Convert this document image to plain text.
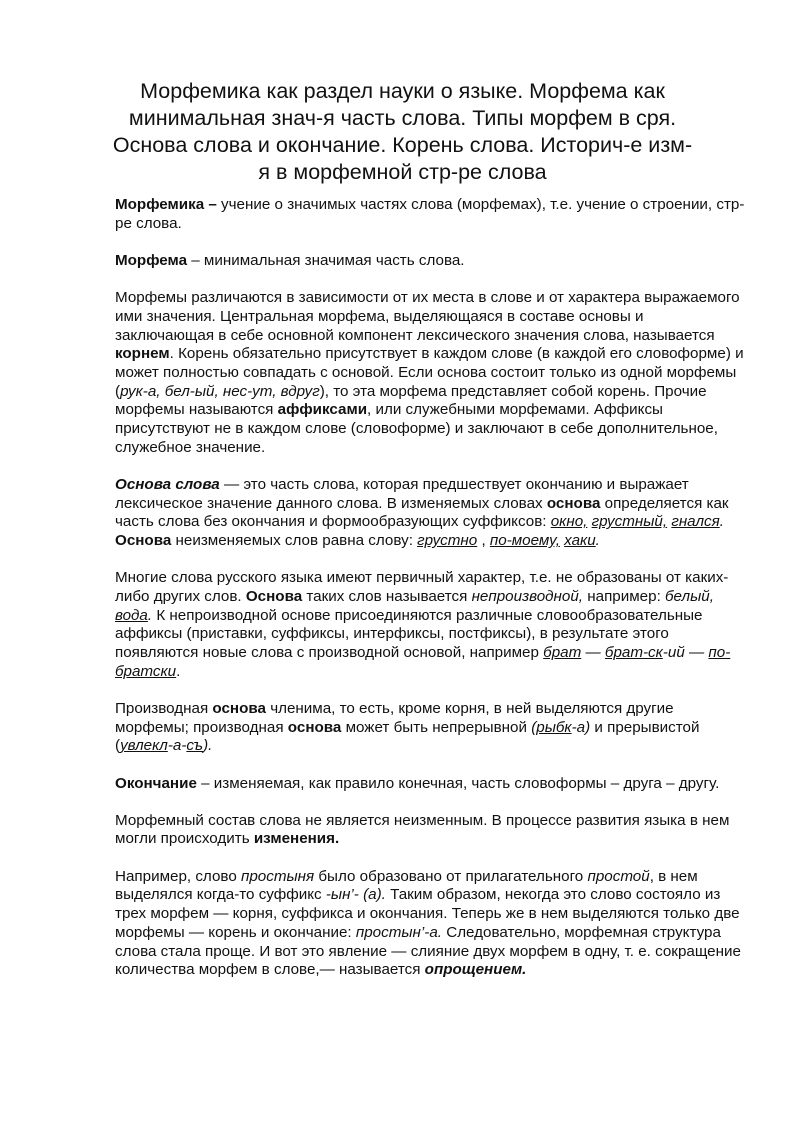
Морфемика как раздел науки о языке. Морфема как минимальная знач-я часть слова. Типы морфем в сря. Основа слова и окончание. Корень слова. Историч-е изм-я в морфемной стр-ре слова

Морфемика – учение о значимых частях слова (морфемах), т.е. учение о строении, стр-ре слова.

Морфема – минимальная значимая часть слова.

Морфемы различаются в зависимости от их места в слове и от характера выражаемого ими значения. Центральная морфема, выделяющаяся в составе основы и заключающая в себе основной компонент лексического значения слова, называется корнем. Корень обязательно присутствует в каждом слове (в каждой его словоформе) и может полностью совпадать с основой. Если основа состоит только из одной морфемы (рук-а, бел-ый, нес-ут, вдруг), то эта морфема представляет собой корень. Прочие морфемы называются аффиксами, или служебными морфемами. Аффиксы присутствуют не в каждом слове (словоформе) и заключают в себе дополнительное, служебное значение.

Основа слова — это часть слова, которая предшествует окончанию и выражает лексическое значение данного слова. В изменяемых словах основа определяется как часть слова без окончания и формообразующих суффиксов: окно, грустный, гнался. Основа неизменяемых слов равна слову: грустно , по-моему, хаки.

Многие слова русского языка имеют первичный характер, т.е. не образованы от каких-либо других слов. Основа таких слов называется непроизводной, например: белый, вода. К непроизводной основе присоединяются различные словообразовательные аффиксы (приставки, суффиксы, интерфиксы, постфиксы), в результате этого появляются новые слова с производной основой, например брат — брат-ск-ий — по-братски.

Производная основа членима, то есть, кроме корня, в ней выделяются другие морфемы; производная основа может быть непрерывной (рыбк-а) и прерывистой (увлекл-а-съ).

Окончание – изменяемая, как правило конечная, часть словоформы – друга – другу.

Морфемный состав слова не является неизменным. В процессе развития языка в нем могли происходить изменения.

Например, слово простыня было образовано от прилагательного простой, в нем выделялся когда-то суффикс -ын’- (а). Таким образом, некогда это слово состояло из трех морфем — корня, суффикса и окончания. Теперь же в нем выделяются только две морфемы — корень и окончание: простын’-а. Следовательно, морфемная структура слова стала проще. И вот это явление — слияние двух морфем в одну, т. е. сокращение количества морфем в слове,— называется опрощением.
